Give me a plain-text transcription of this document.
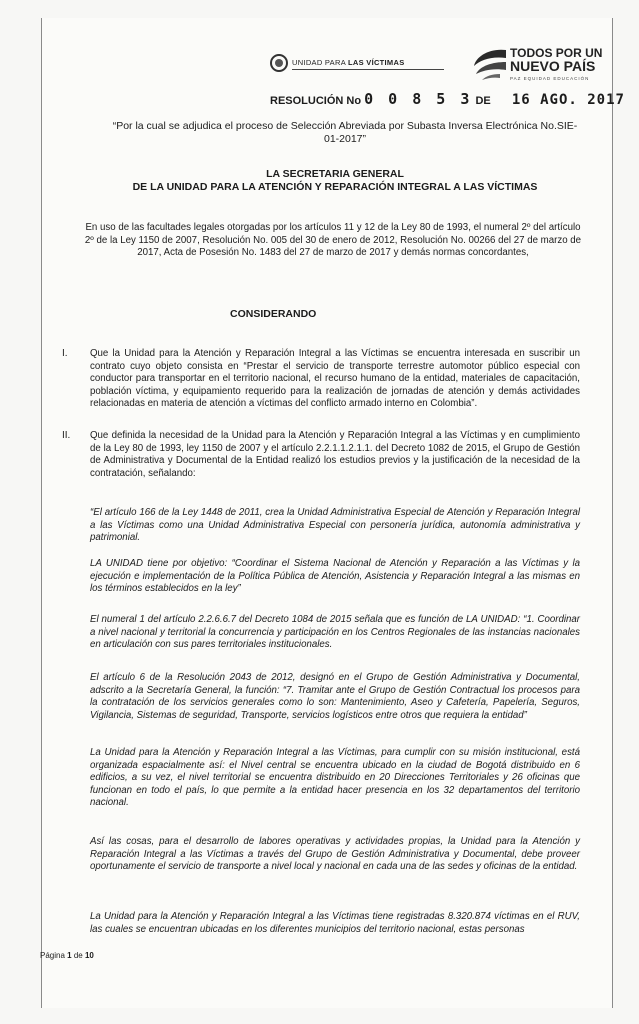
UNIDAD PARA LAS VÍCTIMAS
TODOS POR UN
NUEVO PAÍS
PAZ EQUIDAD EDUCACIÓN
RESOLUCIÓN No 0 0 8 5 3 DE 16 AGO. 2017
“Por la cual se adjudica el proceso de Selección Abreviada por Subasta Inversa Electrónica No.SIE-01-2017”
LA SECRETARIA GENERAL
DE LA UNIDAD PARA LA ATENCIÓN Y REPARACIÓN INTEGRAL A LAS VÍCTIMAS
En uso de las facultades legales otorgadas por los artículos 11 y 12 de la Ley 80 de 1993, el numeral 2º del artículo 2º de la Ley 1150 de 2007, Resolución No. 005 del 30 de enero de 2012, Resolución No. 00266 del 27 de marzo de 2017, Acta de Posesión No. 1483 del 27 de marzo de 2017 y demás normas concordantes,
CONSIDERANDO
I. Que la Unidad para la Atención y Reparación Integral a las Víctimas se encuentra interesada en suscribir un contrato cuyo objeto consista en “Prestar el servicio de transporte terrestre automotor público especial con conductor para transportar en el territorio nacional, el recurso humano de la entidad, materiales de capacitación, población víctima, y equipamiento requerido para la realización de jornadas de atención y demás actividades relacionadas en materia de atención a víctimas del conflicto armado interno en Colombia”.
II. Que definida la necesidad de la Unidad para la Atención y Reparación Integral a las Víctimas y en cumplimiento de la Ley 80 de 1993, ley 1150 de 2007 y el artículo 2.2.1.1.2.1.1. del Decreto 1082 de 2015, el Grupo de Gestión de Administrativa y Documental de la Entidad realizó los estudios previos y la justificación de la necesidad de la contratación, señalando:
“El artículo 166 de la Ley 1448 de 2011, crea la Unidad Administrativa Especial de Atención y Reparación Integral a las Víctimas como una Unidad Administrativa Especial con personería jurídica, autonomía administrativa y patrimonial.
LA UNIDAD tiene por objetivo: “Coordinar el Sistema Nacional de Atención y Reparación a las Víctimas y la ejecución e implementación de la Política Pública de Atención, Asistencia y Reparación Integral a las mismas en los términos establecidos en la ley”
El numeral 1 del artículo 2.2.6.6.7 del Decreto 1084 de 2015 señala que es función de LA UNIDAD: “1. Coordinar a nivel nacional y territorial la concurrencia y participación en los Centros Regionales de las instancias nacionales en articulación con sus pares territoriales institucionales.
El artículo 6 de la Resolución 2043 de 2012, designó en el Grupo de Gestión Administrativa y Documental, adscrito a la Secretaría General, la función: “7. Tramitar ante el Grupo de Gestión Contractual los procesos para la contratación de los servicios generales como lo son: Mantenimiento, Aseo y Cafetería, Papelería, Seguros, Vigilancia, Sistemas de seguridad, Transporte, servicios logísticos entre otros que requiera la entidad”
La Unidad para la Atención y Reparación Integral a las Víctimas, para cumplir con su misión institucional, está organizada espacialmente así: el Nivel central se encuentra ubicado en la ciudad de Bogotá distribuido en 6 edificios, a su vez, el nivel territorial se encuentra distribuido en 20 Direcciones Territoriales y 26 oficinas que funcionan en todo el país, lo que permite a la entidad hacer presencia en los 32 departamentos del territorio nacional.
Así las cosas, para el desarrollo de labores operativas y actividades propias, la Unidad para la Atención y Reparación Integral a las Víctimas a través del Grupo de Gestión Administrativa y Documental, debe proveer oportunamente el servicio de transporte a nivel local y nacional en cada una de las sedes y oficinas de la entidad.
La Unidad para la Atención y Reparación Integral a las Víctimas tiene registradas 8.320.874 víctimas en el RUV, las cuales se encuentran ubicadas en los diferentes municipios del territorio nacional, estas personas
Página 1 de 10
